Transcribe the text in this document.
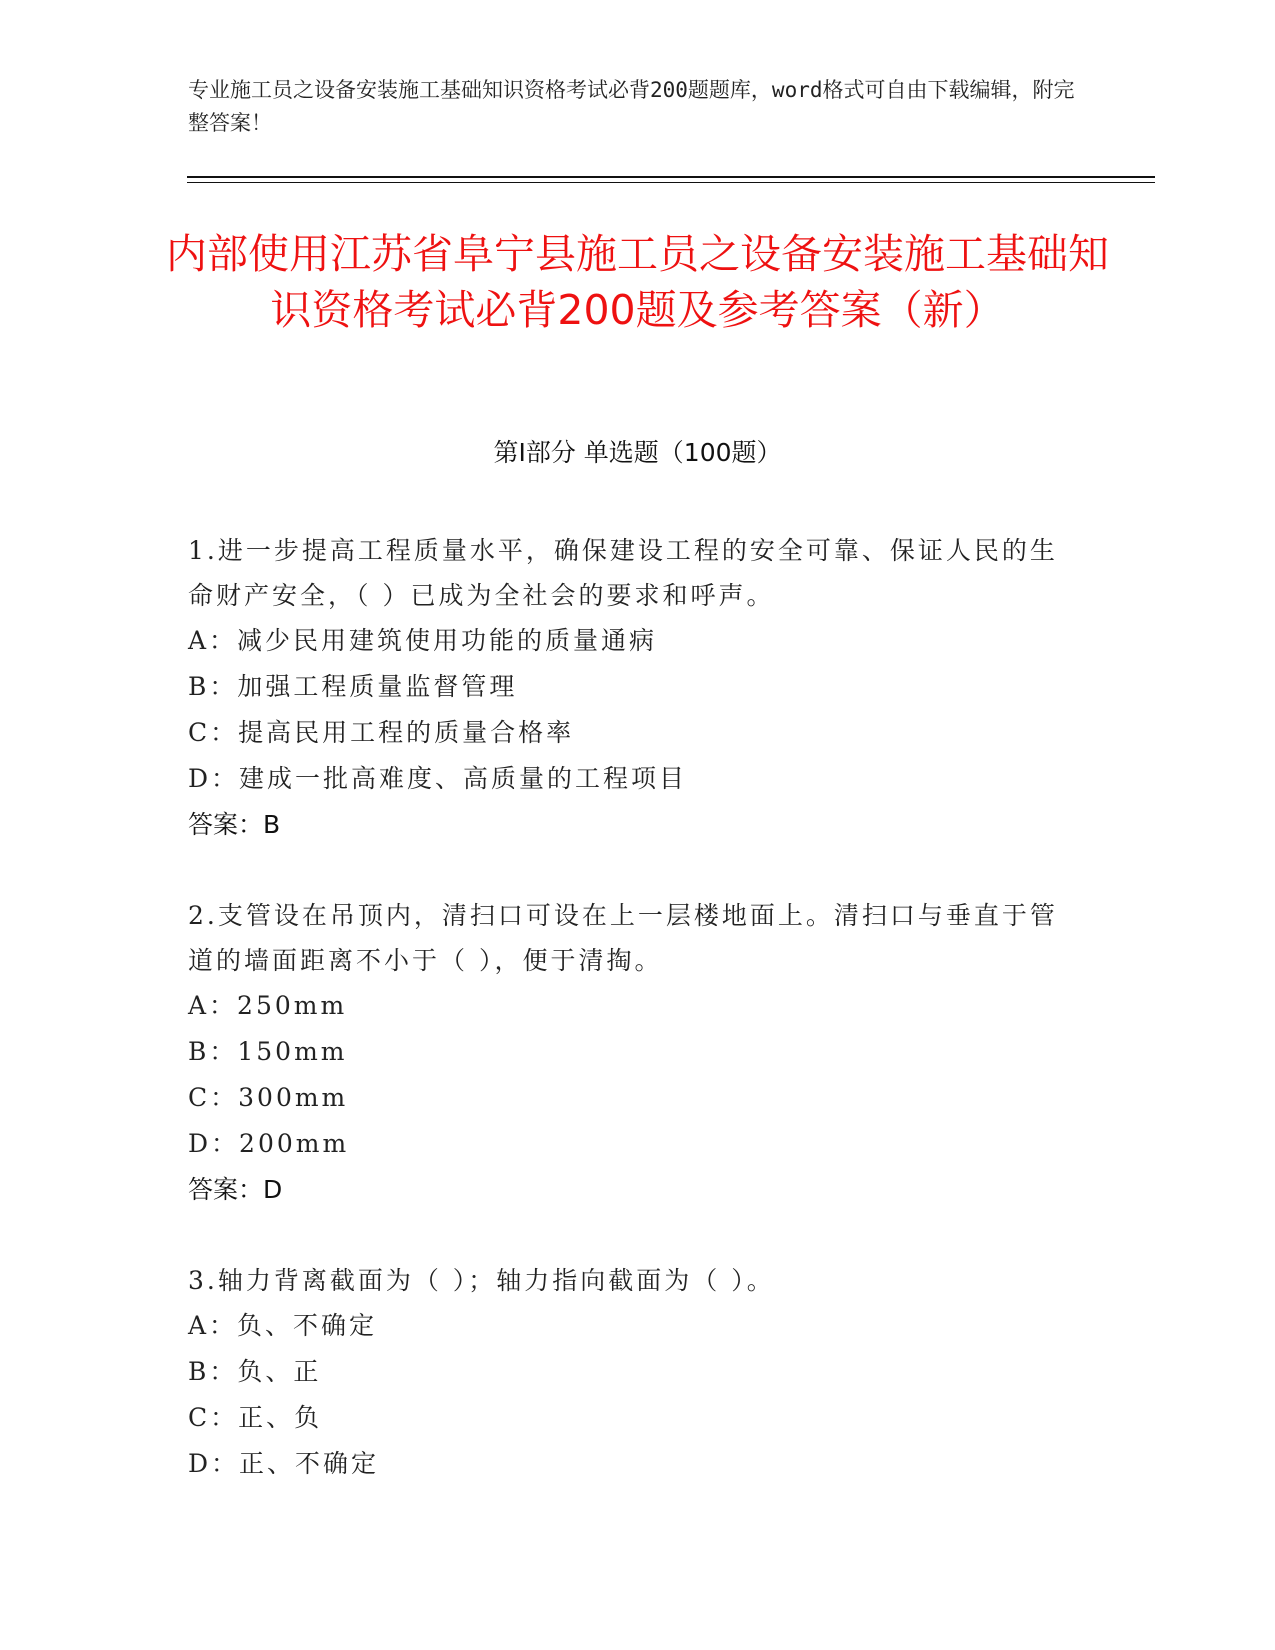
专业施工员之设备安装施工基础知识资格考试必背200题题库，word格式可自由下载编辑，附完整答案！

内部使用江苏省阜宁县施工员之设备安装施工基础知识资格考试必背200题及参考答案（新）
第I部分 单选题（100题）

1.进一步提高工程质量水平，确保建设工程的安全可靠、保证人民的生命财产安全，（ ）已成为全社会的要求和呼声。

A：减少民用建筑使用功能的质量通病

B：加强工程质量监督管理

C：提高民用工程的质量合格率

D：建成一批高难度、高质量的工程项目

答案：B

2.支管设在吊顶内，清扫口可设在上一层楼地面上。清扫口与垂直于管道的墙面距离不小于（ ），便于清掏。

A：250mm

B：150mm

C：300mm

D：200mm

答案：D

3.轴力背离截面为（ ）；轴力指向截面为（ ）。

A：负、不确定

B：负、正

C：正、负

D：正、不确定
